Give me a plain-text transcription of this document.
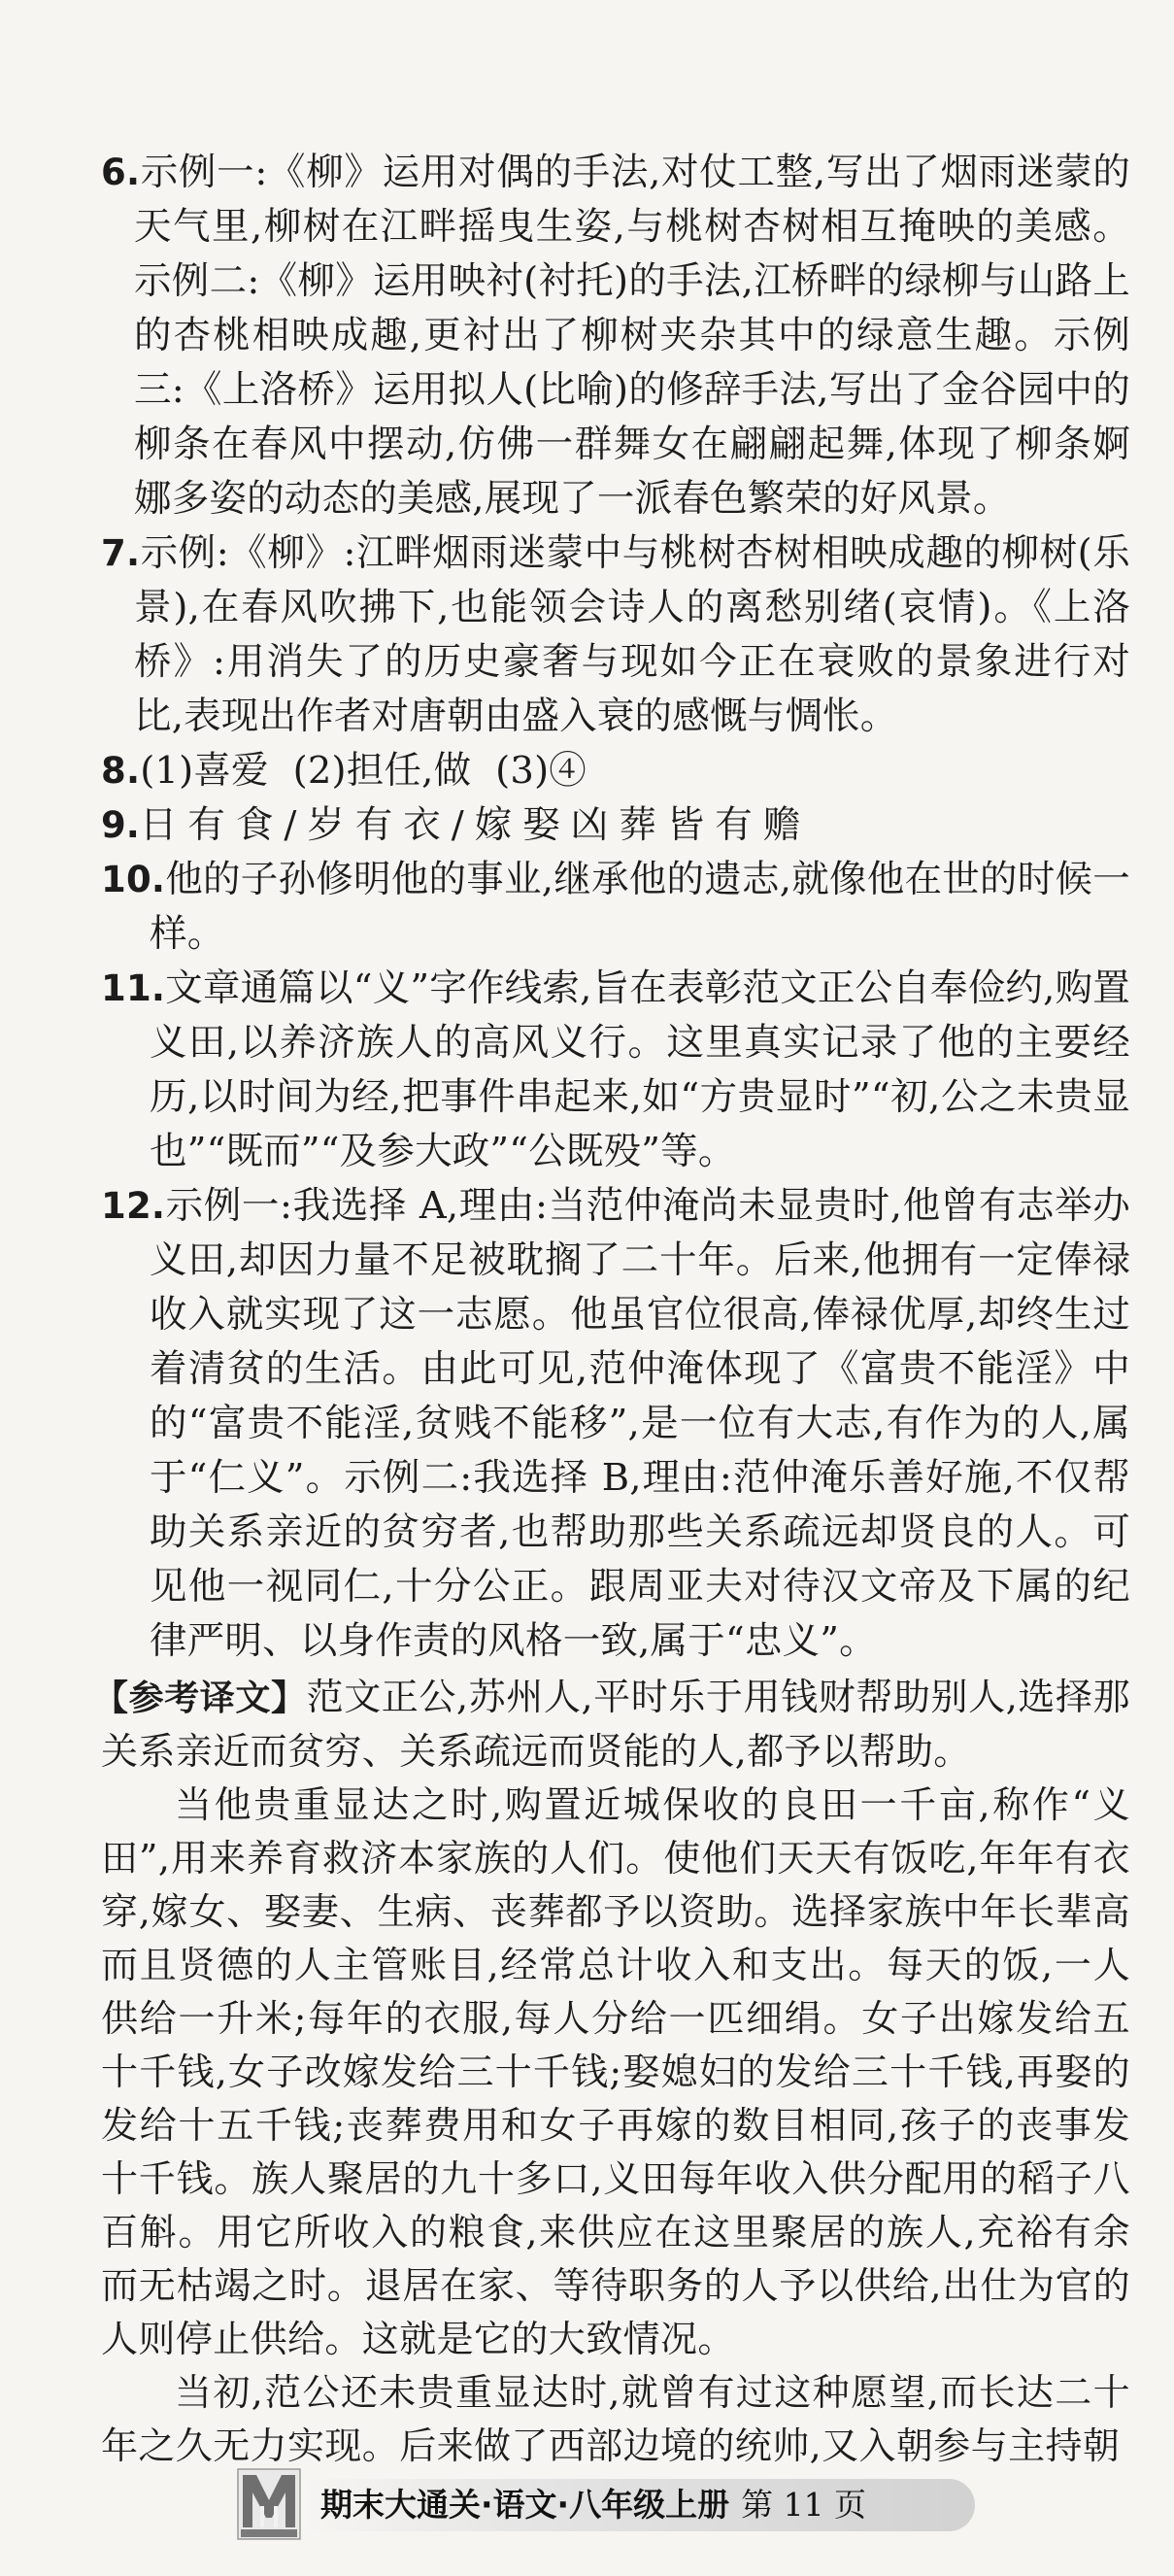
6.示例一:《柳》运用对偶的手法,对仗工整,写出了烟雨迷蒙的天气里,柳树在江畔摇曳生姿,与桃树杏树相互掩映的美感。示例二:《柳》运用映衬(衬托)的手法,江桥畔的绿柳与山路上的杏桃相映成趣,更衬出了柳树夹杂其中的绿意生趣。示例三:《上洛桥》运用拟人(比喻)的修辞手法,写出了金谷园中的柳条在春风中摆动,仿佛一群舞女在翩翩起舞,体现了柳条婀娜多姿的动态的美感,展现了一派春色繁荣的好风景。

7.示例:《柳》:江畔烟雨迷蒙中与桃树杏树相映成趣的柳树(乐景),在春风吹拂下,也能领会诗人的离愁别绪(哀情)。《上洛桥》:用消失了的历史豪奢与现如今正在衰败的景象进行对比,表现出作者对唐朝由盛入衰的感慨与惆怅。

8.(1)喜爱  (2)担任,做  (3)④

9.日有食/岁有衣/嫁娶凶葬皆有赡

10.他的子孙修明他的事业,继承他的遗志,就像他在世的时候一样。

11.文章通篇以“义”字作线索,旨在表彰范文正公自奉俭约,购置义田,以养济族人的高风义行。这里真实记录了他的主要经历,以时间为经,把事件串起来,如“方贵显时”“初,公之未贵显也”“既而”“及参大政”“公既殁”等。

12.示例一:我选择 A,理由:当范仲淹尚未显贵时,他曾有志举办义田,却因力量不足被耽搁了二十年。后来,他拥有一定俸禄收入就实现了这一志愿。他虽官位很高,俸禄优厚,却终生过着清贫的生活。由此可见,范仲淹体现了《富贵不能淫》中的“富贵不能淫,贫贱不能移”,是一位有大志,有作为的人,属于“仁义”。示例二:我选择 B,理由:范仲淹乐善好施,不仅帮助关系亲近的贫穷者,也帮助那些关系疏远却贤良的人。可见他一视同仁,十分公正。跟周亚夫对待汉文帝及下属的纪律严明、以身作责的风格一致,属于“忠义”。

【参考译文】范文正公,苏州人,平时乐于用钱财帮助别人,选择那关系亲近而贫穷、关系疏远而贤能的人,都予以帮助。

当他贵重显达之时,购置近城保收的良田一千亩,称作“义田”,用来养育救济本家族的人们。使他们天天有饭吃,年年有衣穿,嫁女、娶妻、生病、丧葬都予以资助。选择家族中年长辈高而且贤德的人主管账目,经常总计收入和支出。每天的饭,一人供给一升米;每年的衣服,每人分给一匹细绢。女子出嫁发给五十千钱,女子改嫁发给三十千钱;娶媳妇的发给三十千钱,再娶的发给十五千钱;丧葬费用和女子再嫁的数目相同,孩子的丧事发十千钱。族人聚居的九十多口,义田每年收入供分配用的稻子八百斛。用它所收入的粮食,来供应在这里聚居的族人,充裕有余而无枯竭之时。退居在家、等待职务的人予以供给,出仕为官的人则停止供给。这就是它的大致情况。

当初,范公还未贵重显达时,就曾有过这种愿望,而长达二十年之久无力实现。后来做了西部边境的统帅,又入朝参与主持朝

期末大通关·语文·八年级上册 第 11 页
